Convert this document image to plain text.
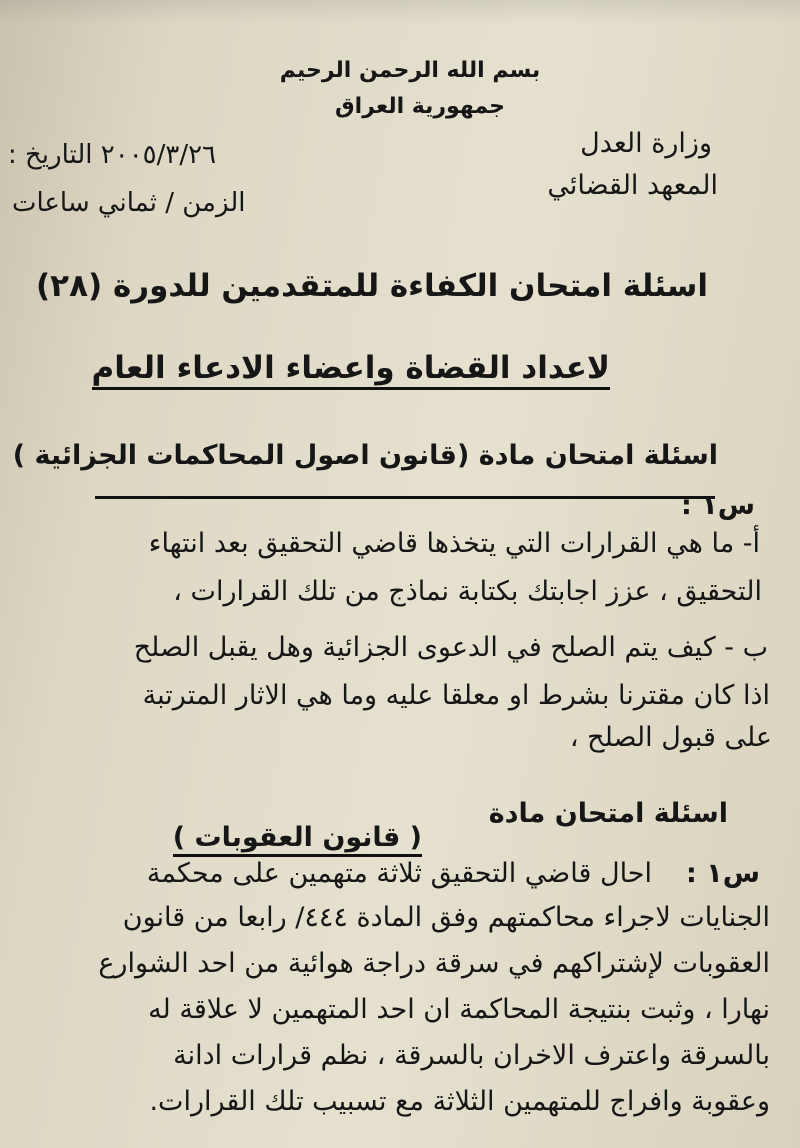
بسم الله الرحمن الرحيم
جمهورية العراق
وزارة العدل
المعهد القضائي
٢٠٠٥/٣/٢٦ التاريخ :
الزمن / ثماني ساعات
اسئلة امتحان الكفاءة للمتقدمين للدورة (٢٨)
لاعداد القضاة واعضاء الادعاء العام
اسئلة امتحان مادة (قانون اصول المحاكمات الجزائية )
س١ :
أ- ما هي القرارات التي يتخذها قاضي التحقيق بعد انتهاء
التحقيق ، عزز اجابتك بكتابة نماذج من تلك القرارات ،
ب - كيف يتم الصلح في الدعوى الجزائية وهل يقبل الصلح
اذا كان مقترنا بشرط او معلقا عليه وما هي الاثار المترتبة
على قبول الصلح ،
اسئلة امتحان مادة
( قانون العقوبات )
س١ :
احال قاضي التحقيق ثلاثة متهمين على محكمة
الجنايات لاجراء محاكمتهم وفق المادة ٤٤٤/ رابعا من قانون
العقوبات لإشتراكهم في سرقة دراجة هوائية من احد الشوارع
نهارا ، وثبت بنتيجة المحاكمة ان احد المتهمين لا علاقة له
بالسرقة واعترف الاخران بالسرقة ، نظم قرارات ادانة
وعقوبة وافراج للمتهمين الثلاثة مع تسبيب تلك القرارات.
